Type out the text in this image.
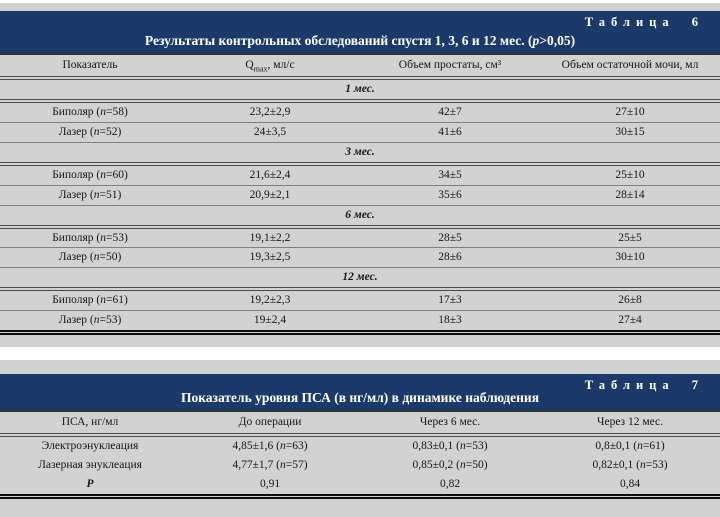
Таблица 6
Результаты контрольных обследований спустя 1, 3, 6 и 12 мес. (p>0,05)
Показатель	$Q_{max}$, мл/с	Объем простаты, см³	Объем остаточной мочи, мл
1 мес.			
Биполяр (n=58)	23,2±2,9	42±7	27±10
Лазер (n=52)	24±3,5	41±6	30±15
3 мес.			
Биполяр (n=60)	21,6±2,4	34±5	25±10
Лазер (n=51)	20,9±2,1	35±6	28±14
6 мес.			
Биполяр (n=53)	19,1±2,2	28±5	25±5
Лазер (n=50)	19,3±2,5	28±6	30±10
12 мес.			
Биполяр (n=61)	19,2±2,3	17±3	26±8
Лазер (n=53)	19±2,4	18±3	27±4
Таблица 7
Показатель уровня ПСА (в нг/мл) в динамике наблюдения
ПСА, нг/мл	До операции	Через 6 мес.	Через 12 мес.
Электроэнуклеация	4,85±1,6 (n=63)	0,83±0,1 (n=53)	0,8±0,1 (n=61)
Лазерная энуклеация	4,77±1,7 (n=57)	0,85±0,2 (n=50)	0,82±0,1 (n=53)
P	0,91	0,82	0,84
